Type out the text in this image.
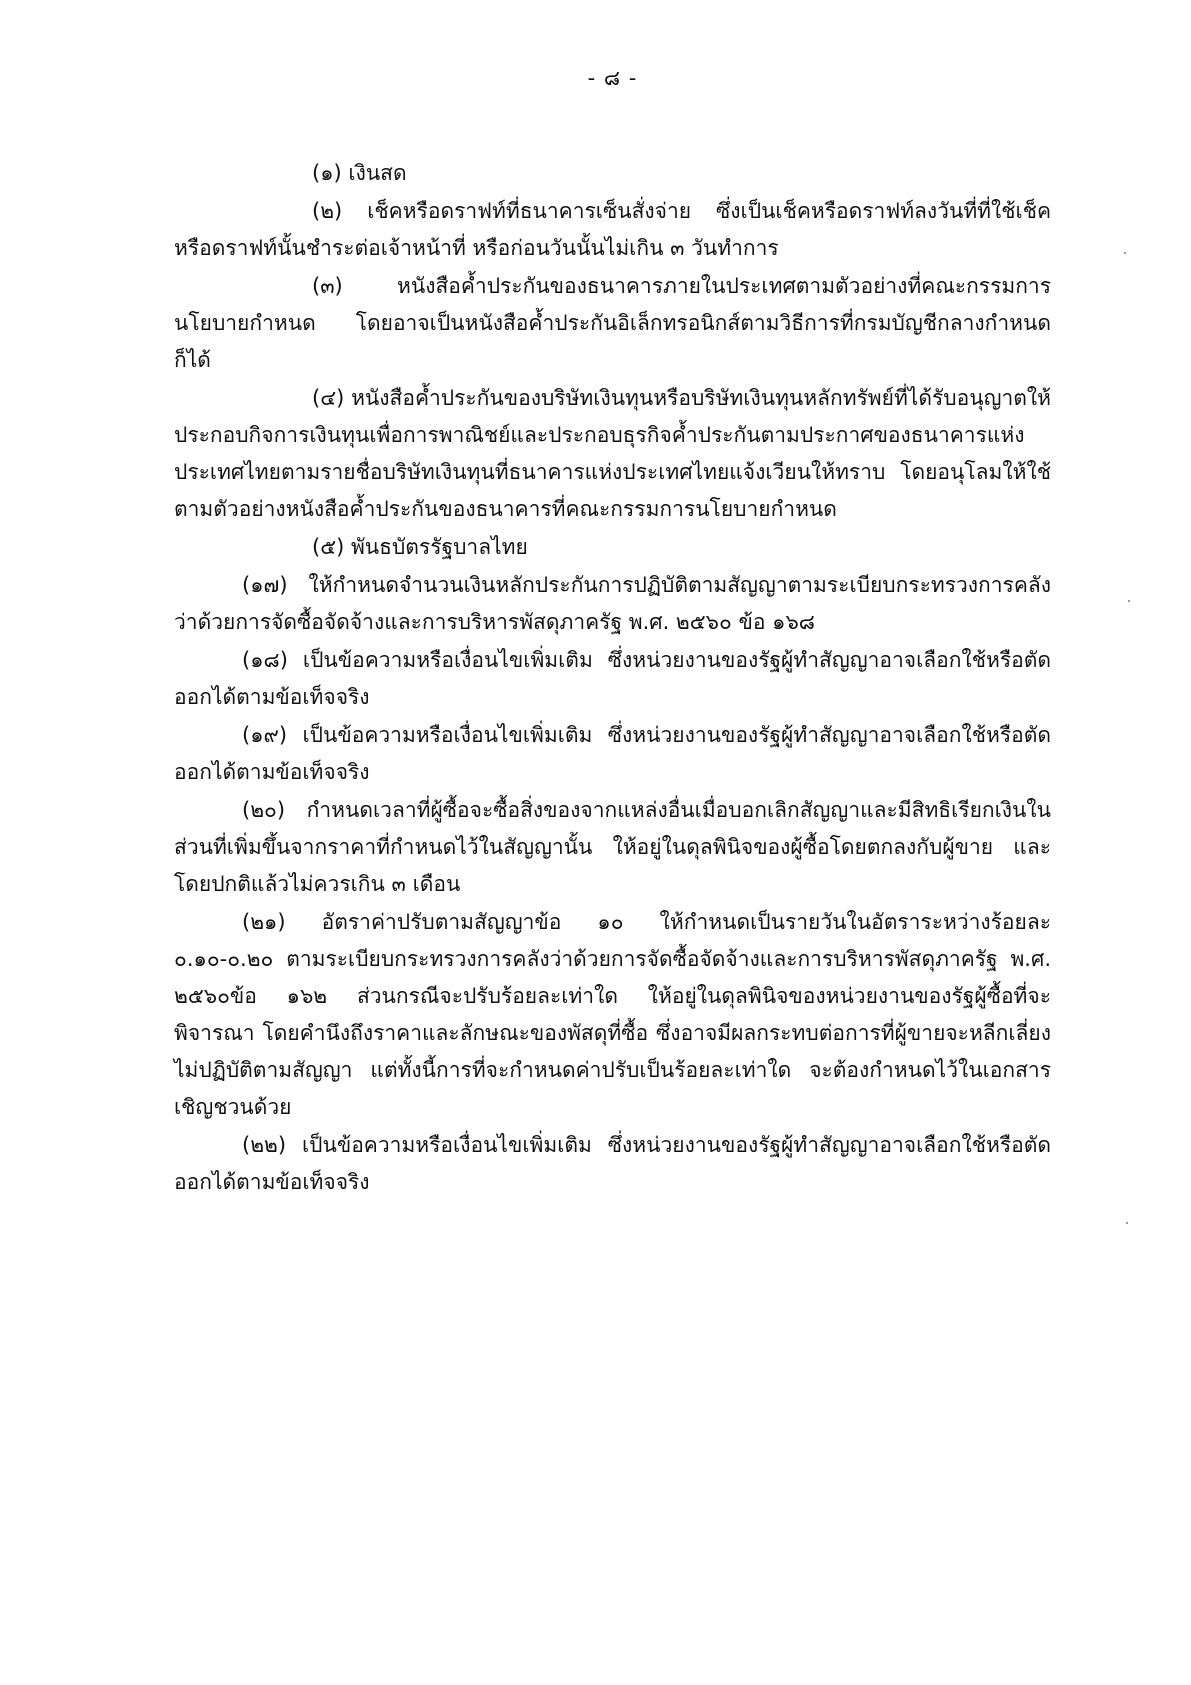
- ๘ -

(๑) เงินสด

(๒) เช็คหรือดราฟท์ที่ธนาคารเซ็นสั่งจ่าย ซึ่งเป็นเช็คหรือดราฟท์ลงวันที่ที่ใช้เช็คหรือดราฟท์นั้นชำระต่อเจ้าหน้าที่ หรือก่อนวันนั้นไม่เกิน ๓ วันทำการ

(๓) หนังสือค้ำประกันของธนาคารภายในประเทศตามตัวอย่างที่คณะกรรมการนโยบายกำหนด โดยอาจเป็นหนังสือค้ำประกันอิเล็กทรอนิกส์ตามวิธีการที่กรมบัญชีกลางกำหนดก็ได้

(๔) หนังสือค้ำประกันของบริษัทเงินทุนหรือบริษัทเงินทุนหลักทรัพย์ที่ได้รับอนุญาตให้ประกอบกิจการเงินทุนเพื่อการพาณิชย์และประกอบธุรกิจค้ำประกันตามประกาศของธนาคารแห่งประเทศไทยตามรายชื่อบริษัทเงินทุนที่ธนาคารแห่งประเทศไทยแจ้งเวียนให้ทราบ โดยอนุโลมให้ใช้ตามตัวอย่างหนังสือค้ำประกันของธนาคารที่คณะกรรมการนโยบายกำหนด

(๕) พันธบัตรรัฐบาลไทย

(๑๗) ให้กำหนดจำนวนเงินหลักประกันการปฏิบัติตามสัญญาตามระเบียบกระทรวงการคลังว่าด้วยการจัดซื้อจัดจ้างและการบริหารพัสดุภาครัฐ พ.ศ. ๒๕๖๐ ข้อ ๑๖๘

(๑๘) เป็นข้อความหรือเงื่อนไขเพิ่มเติม ซึ่งหน่วยงานของรัฐผู้ทำสัญญาอาจเลือกใช้หรือตัดออกได้ตามข้อเท็จจริง

(๑๙) เป็นข้อความหรือเงื่อนไขเพิ่มเติม ซึ่งหน่วยงานของรัฐผู้ทำสัญญาอาจเลือกใช้หรือตัดออกได้ตามข้อเท็จจริง

(๒๐) กำหนดเวลาที่ผู้ซื้อจะซื้อสิ่งของจากแหล่งอื่นเมื่อบอกเลิกสัญญาและมีสิทธิเรียกเงินในส่วนที่เพิ่มขึ้นจากราคาที่กำหนดไว้ในสัญญานั้น ให้อยู่ในดุลพินิจของผู้ซื้อโดยตกลงกับผู้ขาย และโดยปกติแล้วไม่ควรเกิน ๓ เดือน

(๒๑) อัตราค่าปรับตามสัญญาข้อ ๑๐ ให้กำหนดเป็นรายวันในอัตราระหว่างร้อยละ ๐.๑๐-๐.๒๐ ตามระเบียบกระทรวงการคลังว่าด้วยการจัดซื้อจัดจ้างและการบริหารพัสดุภาครัฐ พ.ศ. ๒๕๖๐ข้อ ๑๖๒ ส่วนกรณีจะปรับร้อยละเท่าใด ให้อยู่ในดุลพินิจของหน่วยงานของรัฐผู้ซื้อที่จะพิจารณา โดยคำนึงถึงราคาและลักษณะของพัสดุที่ซื้อ ซึ่งอาจมีผลกระทบต่อการที่ผู้ขายจะหลีกเลี่ยงไม่ปฏิบัติตามสัญญา แต่ทั้งนี้การที่จะกำหนดค่าปรับเป็นร้อยละเท่าใด จะต้องกำหนดไว้ในเอกสารเชิญชวนด้วย

(๒๒) เป็นข้อความหรือเงื่อนไขเพิ่มเติม ซึ่งหน่วยงานของรัฐผู้ทำสัญญาอาจเลือกใช้หรือตัดออกได้ตามข้อเท็จจริง
